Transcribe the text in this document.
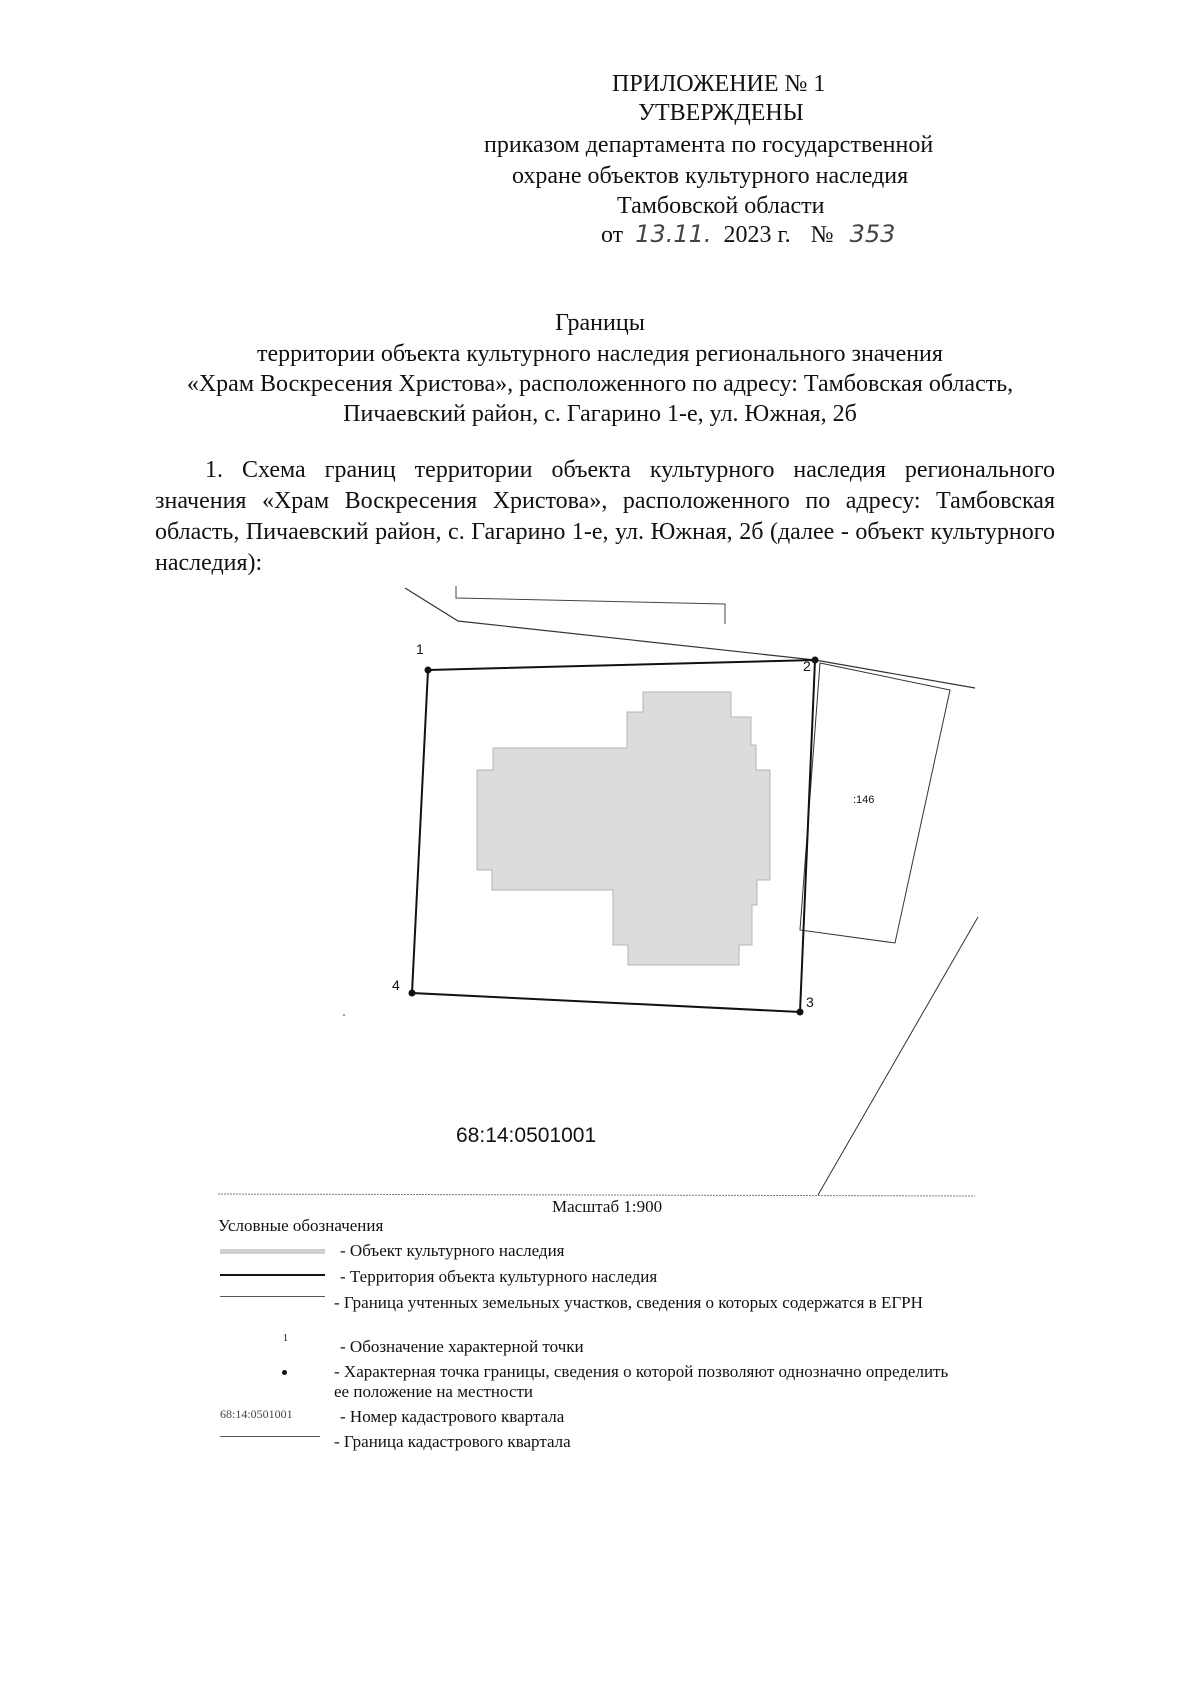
ПРИЛОЖЕНИЕ № 1
УТВЕРЖДЕНЫ
приказом департамента по государственной
охране объектов культурного наследия
Тамбовской области
от 13.11. 2023 г. № 353
Границы
территории объекта культурного наследия регионального значения
«Храм Воскресения Христова», расположенного по адресу: Тамбовская область,
Пичаевский район, с. Гагарино 1-е, ул. Южная, 2б
1. Схема границ территории объекта культурного наследия регионального значения «Храм Воскресения Христова», расположенного по адресу: Тамбовская область, Пичаевский район, с. Гагарино 1-е, ул. Южная, 2б (далее - объект культурного наследия):
1
2
3
4
:146
68:14:0501001
Масштаб 1:900
Условные обозначения
- Объект культурного наследия
- Территория объекта культурного наследия
- Граница учтенных земельных участков, сведения о которых содержатся в ЕГРН
1	- Обозначение характерной точки
- Характерная точка границы, сведения о которой позволяют однозначно определить ее положение на местности
68:14:0501001	- Номер кадастрового квартала
- Граница кадастрового квартала
